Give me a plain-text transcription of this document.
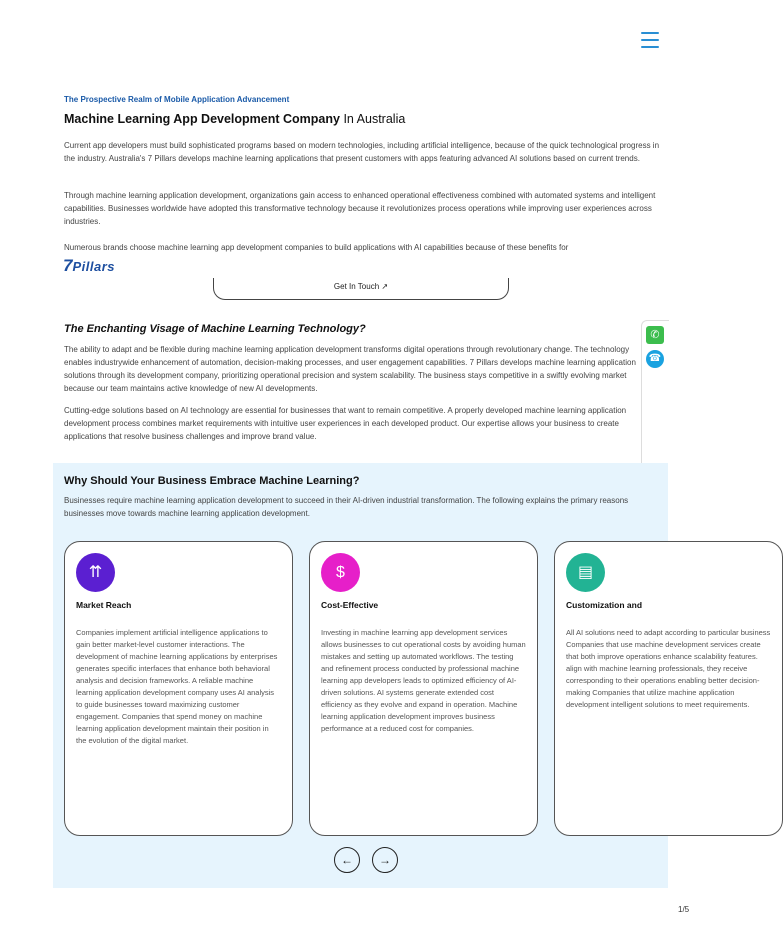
The Prospective Realm of Mobile Application Advancement
Machine Learning App Development Company In Australia

Current app developers must build sophisticated programs based on modern technologies, including artificial intelligence, because of the quick technological progress in the industry. Australia's 7 Pillars develops machine learning applications that present customers with apps featuring advanced AI solutions based on current trends.

Through machine learning application development, organizations gain access to enhanced operational effectiveness combined with automated systems and intelligent capabilities. Businesses worldwide have adopted this transformative technology because it revolutionizes process operations while improving user experiences across industries.

Numerous brands choose machine learning app development companies to build applications with AI capabilities because of these benefits for

7 Pillars
Get In Touch ↗
The Enchanting Visage of Machine Learning Technology?

The ability to adapt and be flexible during machine learning application development transforms digital operations through revolutionary change. The technology enables industrywide enhancement of automation, decision-making processes, and user engagement capabilities. 7 Pillars develops machine learning application solutions through its development company, prioritizing operational precision and system scalability. The business stays competitive in a swiftly evolving market because our team maintains active knowledge of new AI developments.

Cutting-edge solutions based on AI technology are essential for businesses that want to remain competitive. A properly developed machine learning application development process combines market requirements with intuitive user experiences in each developed product. Our expertise allows your business to create applications that resolve business challenges and improve brand value.

✆
☎
Why Should Your Business Embrace Machine Learning?

Businesses require machine learning application development to succeed in their AI-driven industrial transformation. The following explains the primary reasons businesses move towards machine learning application development.

⇈
Market Reach

Companies implement artificial intelligence applications to gain better market-level customer interactions. The development of machine learning applications by enterprises generates specific interfaces that enhance both behavioral analysis and decision frameworks. A reliable machine learning application development company uses AI analysis to guide businesses toward maximizing customer engagement. Companies that spend money on machine learning application development maintain their position in the evolution of the digital market.

$
Cost-Effective

Investing in machine learning app development services allows businesses to cut operational costs by avoiding human mistakes and setting up automated workflows. The testing and refinement process conducted by professional machine learning app developers leads to optimized efficiency of AI-driven solutions. AI systems generate extended cost efficiency as they evolve and expand in operation. Machine learning application development improves business performance at a reduced cost for companies.

▤
Customization and

All AI solutions need to adapt according to particular business Companies that use machine development services create that both improve operations enhance scalability features. align with machine learning professionals, they receive corresponding to their operations enabling better decision-making Companies that utilize machine application development intelligent solutions to meet requirements.

←	→
1/5
